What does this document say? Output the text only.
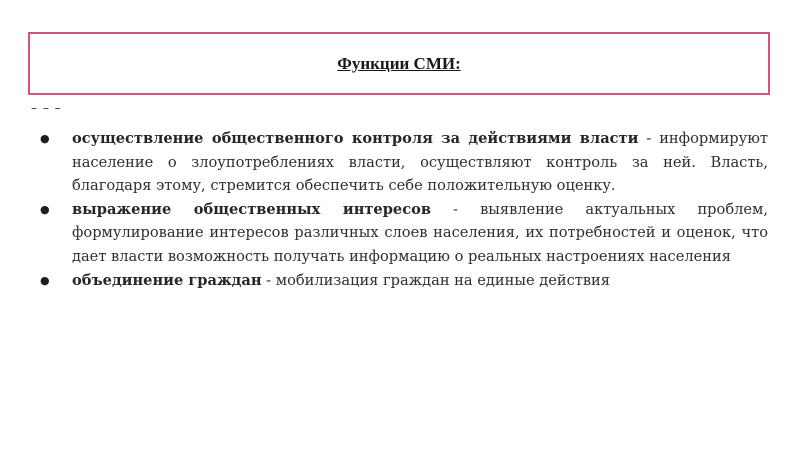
Функции СМИ:
– – –
● осуществление общественного контроля за действиями власти - информируют население о злоупотреблениях власти, осуществляют контроль за ней. Власть, благодаря этому, стремится обеспечить себе положительную оценку.
● выражение общественных интересов - выявление актуальных проблем, формулирование интересов различных слоев населения, их потребностей и оценок, что дает власти возможность получать информацию о реальных настроениях населения
● объединение граждан - мобилизация граждан на единые действия
